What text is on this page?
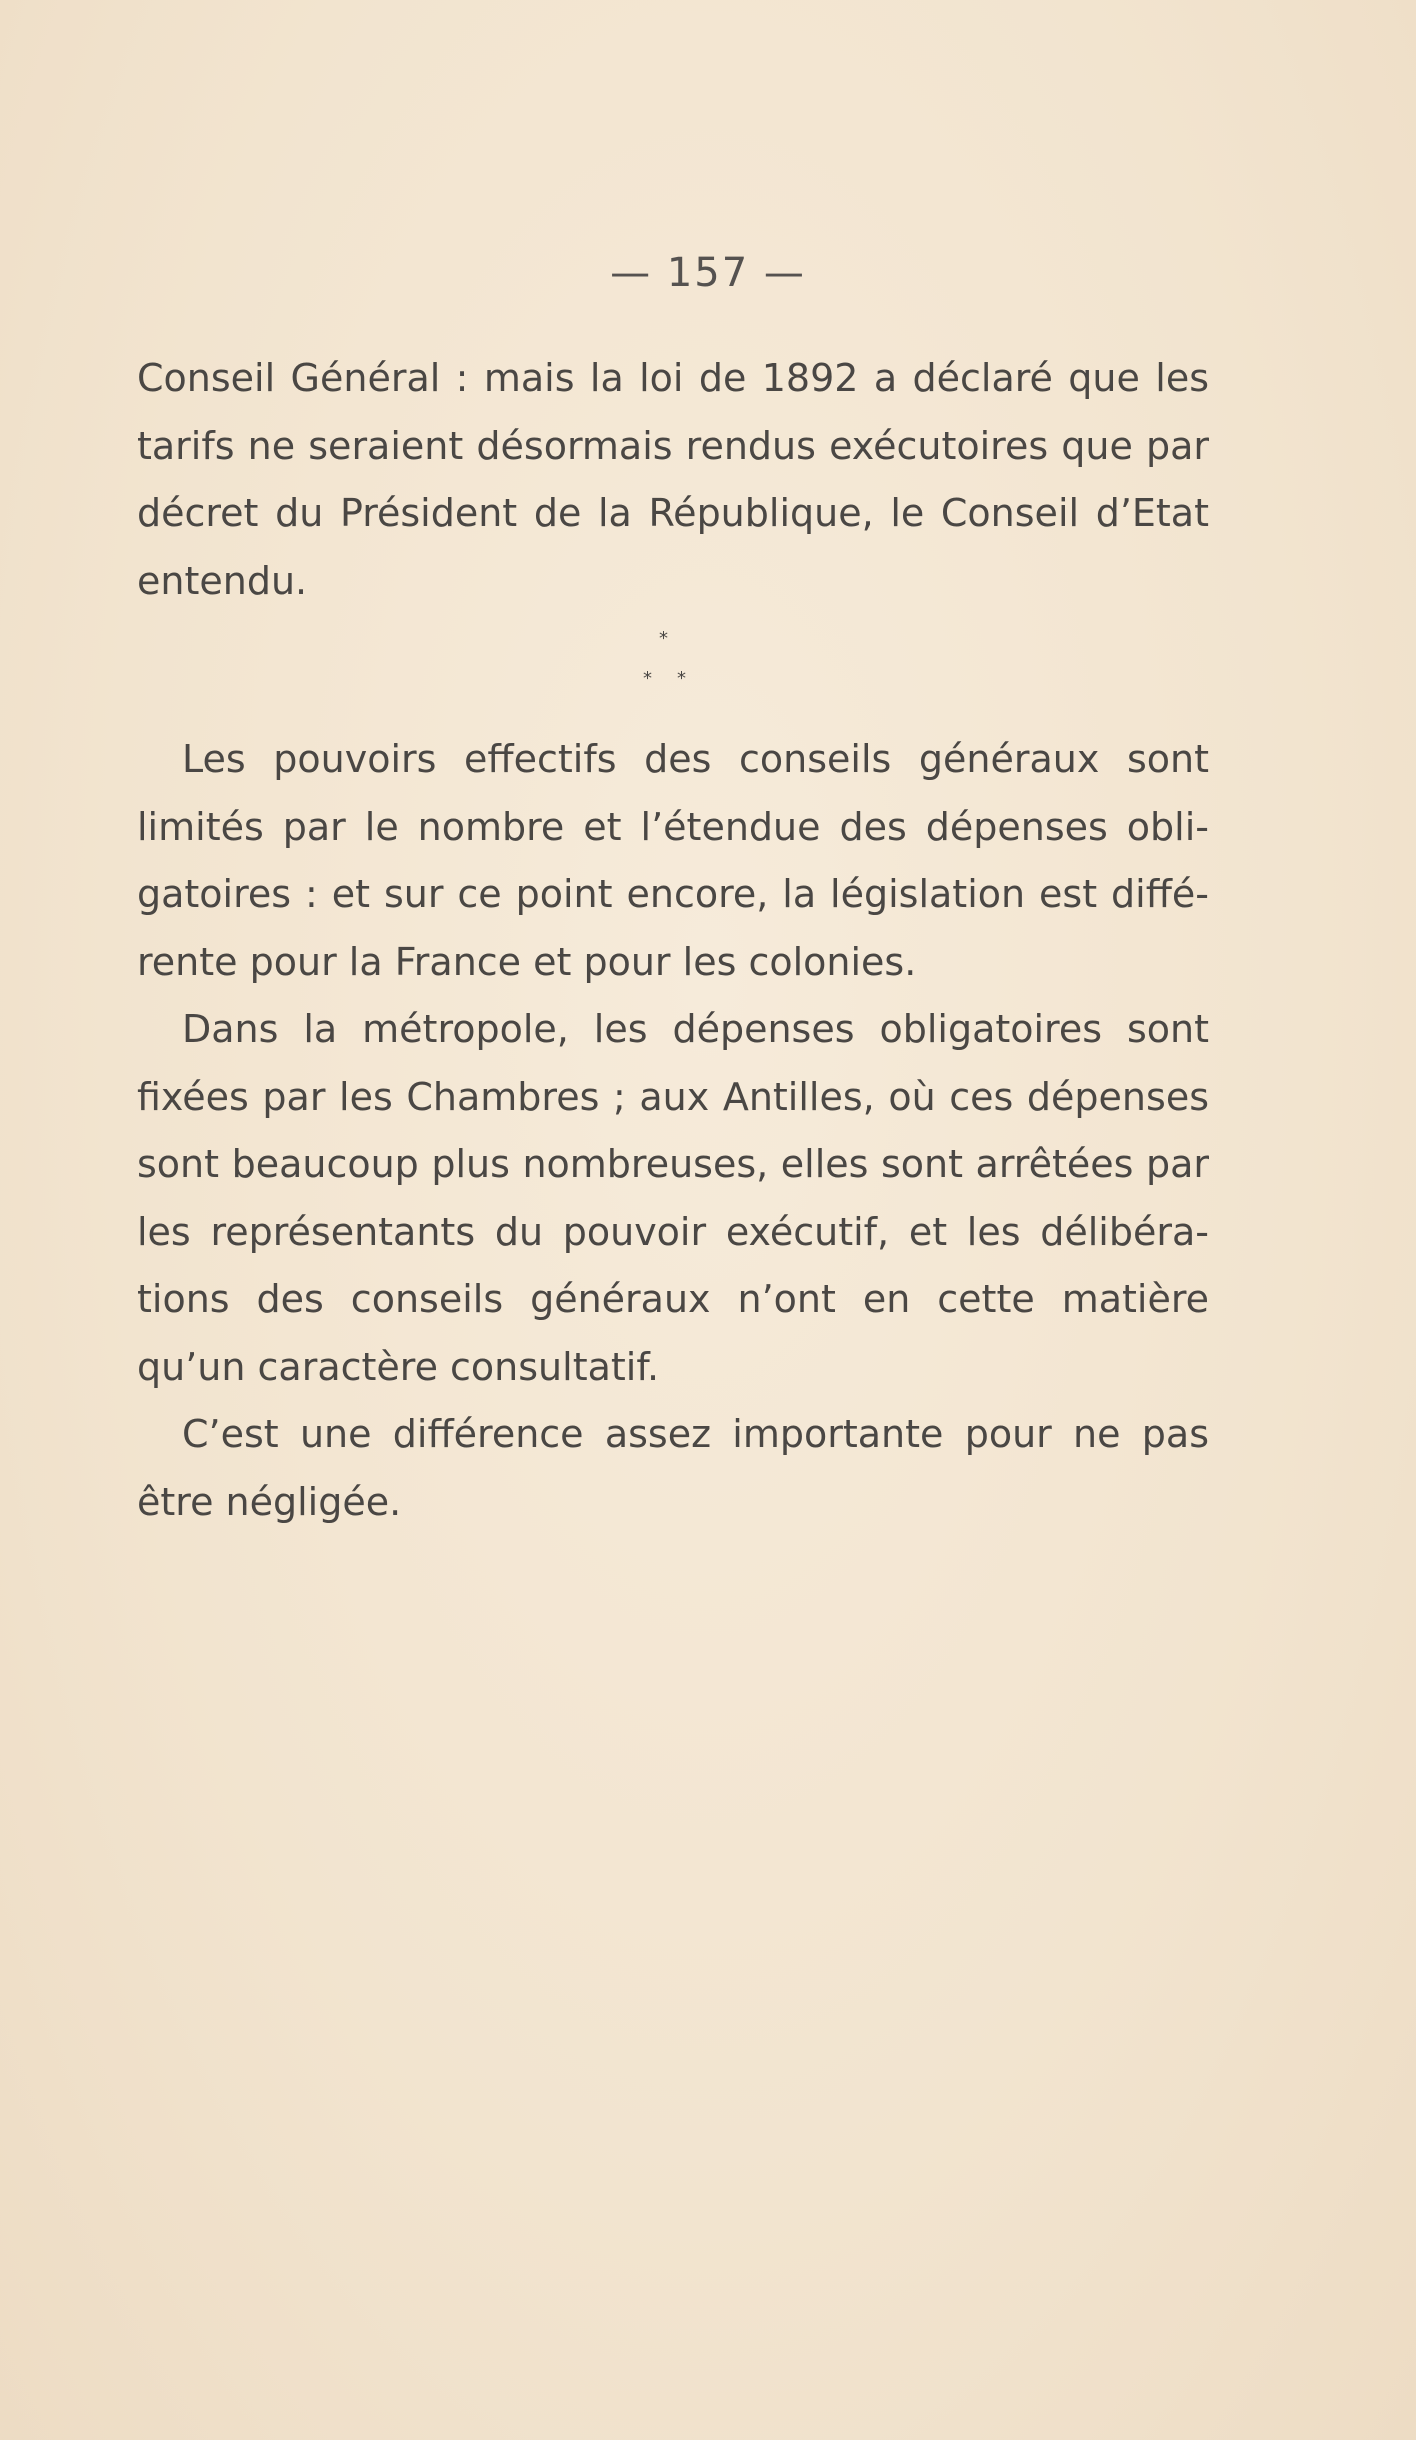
— 157 —
Conseil Général : mais la loi de 1892 a déclaré que les
tarifs ne seraient désormais rendus exécutoires que par
décret du Président de la République, le Conseil d’Etat
entendu.
*
* *
Les pouvoirs effectifs des conseils généraux sont
limités par le nombre et l’étendue des dépenses obli-
gatoires : et sur ce point encore, la législation est diffé-
rente pour la France et pour les colonies.
Dans la métropole, les dépenses obligatoires sont
fixées par les Chambres ; aux Antilles, où ces dépenses
sont beaucoup plus nombreuses, elles sont arrêtées par
les représentants du pouvoir exécutif, et les délibéra-
tions des conseils généraux n’ont en cette matière
qu’un caractère consultatif.
C’est une différence assez importante pour ne pas
être négligée.
